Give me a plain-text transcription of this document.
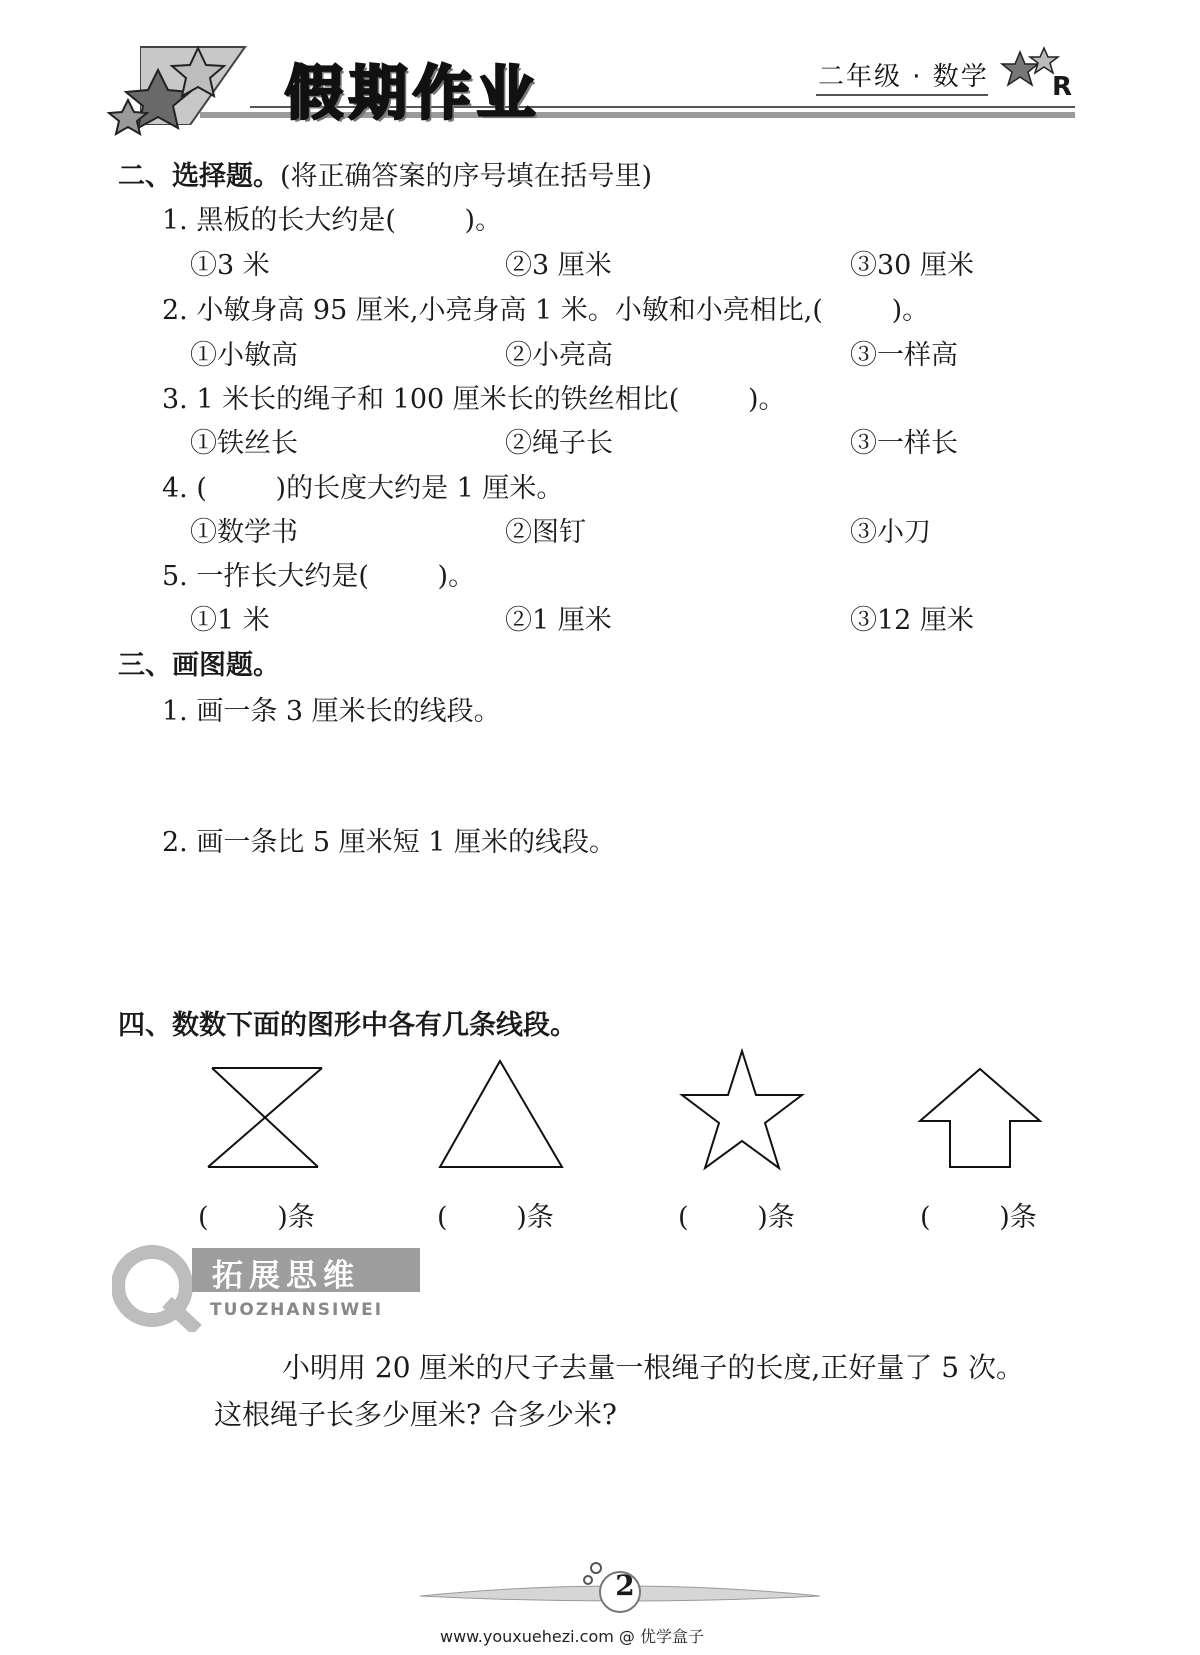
假期作业	二年级 · 数学 R
二、选择题。(将正确答案的序号填在括号里)
1. 黑板的长大约是(        )。
①3 米	②3 厘米	③30 厘米
2. 小敏身高 95 厘米,小亮身高 1 米。小敏和小亮相比,(        )。
①小敏高	②小亮高	③一样高
3. 1 米长的绳子和 100 厘米长的铁丝相比(        )。
①铁丝长	②绳子长	③一样长
4. (        )的长度大约是 1 厘米。
①数学书	②图钉	③小刀
5. 一拃长大约是(        )。
①1 米	②1 厘米	③12 厘米
三、画图题。
1. 画一条 3 厘米长的线段。
2. 画一条比 5 厘米短 1 厘米的线段。
四、数数下面的图形中各有几条线段。
(        )条	(        )条	(        )条	(        )条
拓展思维
TUOZHANSIWEI
小明用 20 厘米的尺子去量一根绳子的长度,正好量了 5 次。
这根绳子长多少厘米? 合多少米?
2
www.youxuehezi.com @ 优学盒子
